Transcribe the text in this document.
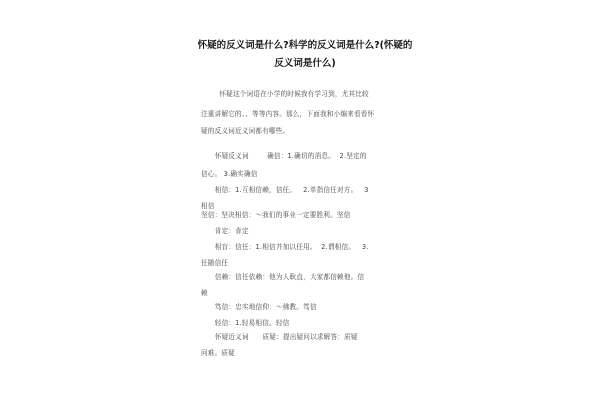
怀疑的反义词是什么?科学的反义词是什么?(怀疑的
反义词是什么)
怀疑这个词语在小学的时候我有学习到，尤其比较
注重讲解它的、、等等内容。那么，下面我和小编来看看怀
疑的反义词近义词都有哪些。
怀疑反义词        确信：1.确切的消息。  2.坚定的
信心。 3.确实确信
相信：1.互相信赖，信任。   2.单指信任对方。   3
相信
坚信：坚决相信：～我们的事业一定要胜利。坚信
肯定：肯定
相盲：信任：1.相信并加以任用。  2.谓相信。   3.
任随信任
信赖：信任依赖：他为人耿直，大家都信赖他。信
赖
笃信：忠实地信仰：～佛教。笃信
轻信：1.轻易相信。轻信
怀疑近义词      质疑：提出疑问以求解答：质疑
问难。质疑
